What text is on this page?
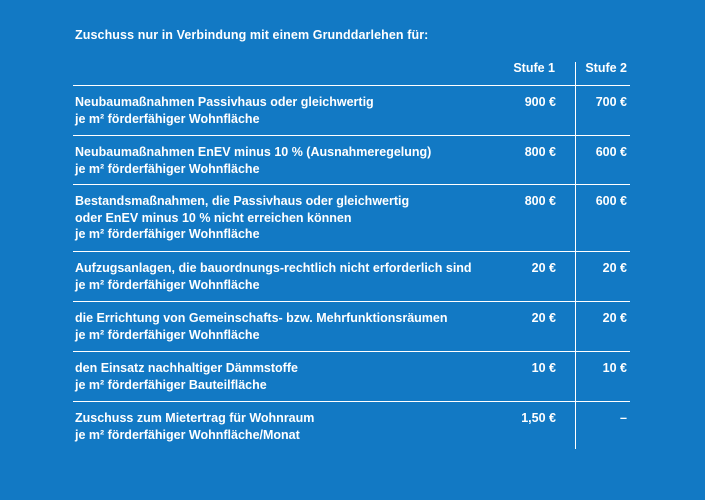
Zuschuss nur in Verbindung mit einem Grunddarlehen für:
Stufe 1 Stufe 2
Neubaumaßnahmen Passivhaus oder gleichwertig
je m² förderfähiger Wohnfläche
900 €	700 €
Neubaumaßnahmen EnEV minus 10 % (Ausnahmeregelung)
je m² förderfähiger Wohnfläche
800 €	600 €
Bestandsmaßnahmen, die Passivhaus oder gleichwertig
oder EnEV minus 10 % nicht erreichen können
je m² förderfähiger Wohnfläche
800 €	600 €
Aufzugsanlagen, die bauordnungs-rechtlich nicht erforderlich sind
je m² förderfähiger Wohnfläche
20 €	20 €
die Errichtung von Gemeinschafts- bzw. Mehrfunktionsräumen
je m² förderfähiger Wohnfläche
20 €	20 €
den Einsatz nachhaltiger Dämmstoffe
je m² förderfähiger Bauteilfläche
10 €	10 €
Zuschuss zum Mietertrag für Wohnraum
je m² förderfähiger Wohnfläche/Monat
1,50 €	–
